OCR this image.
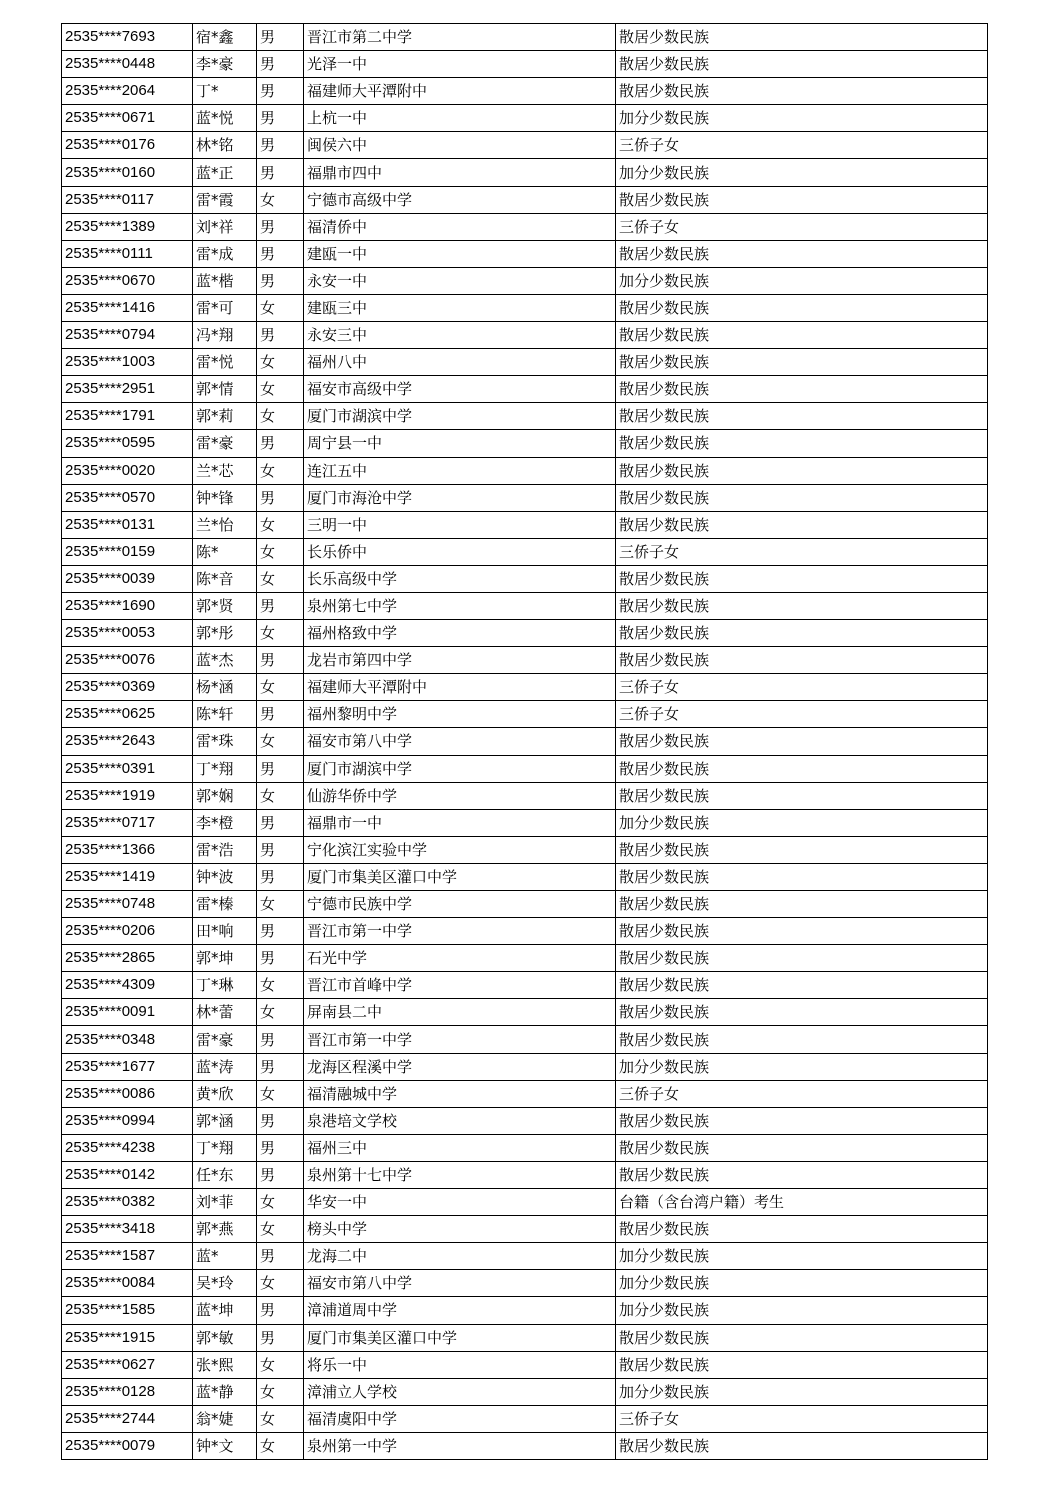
2535****7693	宿*鑫	男	晋江市第二中学	散居少数民族
2535****0448	李*豪	男	光泽一中	散居少数民族
2535****2064	丁*	男	福建师大平潭附中	散居少数民族
2535****0671	蓝*悦	男	上杭一中	加分少数民族
2535****0176	林*铭	男	闽侯六中	三侨子女
2535****0160	蓝*正	男	福鼎市四中	加分少数民族
2535****0117	雷*霞	女	宁德市高级中学	散居少数民族
2535****1389	刘*祥	男	福清侨中	三侨子女
2535****0111	雷*成	男	建瓯一中	散居少数民族
2535****0670	蓝*楷	男	永安一中	加分少数民族
2535****1416	雷*可	女	建瓯三中	散居少数民族
2535****0794	冯*翔	男	永安三中	散居少数民族
2535****1003	雷*悦	女	福州八中	散居少数民族
2535****2951	郭*情	女	福安市高级中学	散居少数民族
2535****1791	郭*莉	女	厦门市湖滨中学	散居少数民族
2535****0595	雷*豪	男	周宁县一中	散居少数民族
2535****0020	兰*芯	女	连江五中	散居少数民族
2535****0570	钟*锋	男	厦门市海沧中学	散居少数民族
2535****0131	兰*怡	女	三明一中	散居少数民族
2535****0159	陈*	女	长乐侨中	三侨子女
2535****0039	陈*音	女	长乐高级中学	散居少数民族
2535****1690	郭*贤	男	泉州第七中学	散居少数民族
2535****0053	郭*彤	女	福州格致中学	散居少数民族
2535****0076	蓝*杰	男	龙岩市第四中学	散居少数民族
2535****0369	杨*涵	女	福建师大平潭附中	三侨子女
2535****0625	陈*轩	男	福州黎明中学	三侨子女
2535****2643	雷*珠	女	福安市第八中学	散居少数民族
2535****0391	丁*翔	男	厦门市湖滨中学	散居少数民族
2535****1919	郭*娴	女	仙游华侨中学	散居少数民族
2535****0717	李*橙	男	福鼎市一中	加分少数民族
2535****1366	雷*浩	男	宁化滨江实验中学	散居少数民族
2535****1419	钟*波	男	厦门市集美区灌口中学	散居少数民族
2535****0748	雷*榛	女	宁德市民族中学	散居少数民族
2535****0206	田*响	男	晋江市第一中学	散居少数民族
2535****2865	郭*坤	男	石光中学	散居少数民族
2535****4309	丁*琳	女	晋江市首峰中学	散居少数民族
2535****0091	林*蕾	女	屏南县二中	散居少数民族
2535****0348	雷*豪	男	晋江市第一中学	散居少数民族
2535****1677	蓝*涛	男	龙海区程溪中学	加分少数民族
2535****0086	黄*欣	女	福清融城中学	三侨子女
2535****0994	郭*涵	男	泉港培文学校	散居少数民族
2535****4238	丁*翔	男	福州三中	散居少数民族
2535****0142	任*东	男	泉州第十七中学	散居少数民族
2535****0382	刘*菲	女	华安一中	台籍（含台湾户籍）考生
2535****3418	郭*燕	女	榜头中学	散居少数民族
2535****1587	蓝*	男	龙海二中	加分少数民族
2535****0084	吴*玲	女	福安市第八中学	加分少数民族
2535****1585	蓝*坤	男	漳浦道周中学	加分少数民族
2535****1915	郭*敏	男	厦门市集美区灌口中学	散居少数民族
2535****0627	张*熙	女	将乐一中	散居少数民族
2535****0128	蓝*静	女	漳浦立人学校	加分少数民族
2535****2744	翁*婕	女	福清虞阳中学	三侨子女
2535****0079	钟*文	女	泉州第一中学	散居少数民族
